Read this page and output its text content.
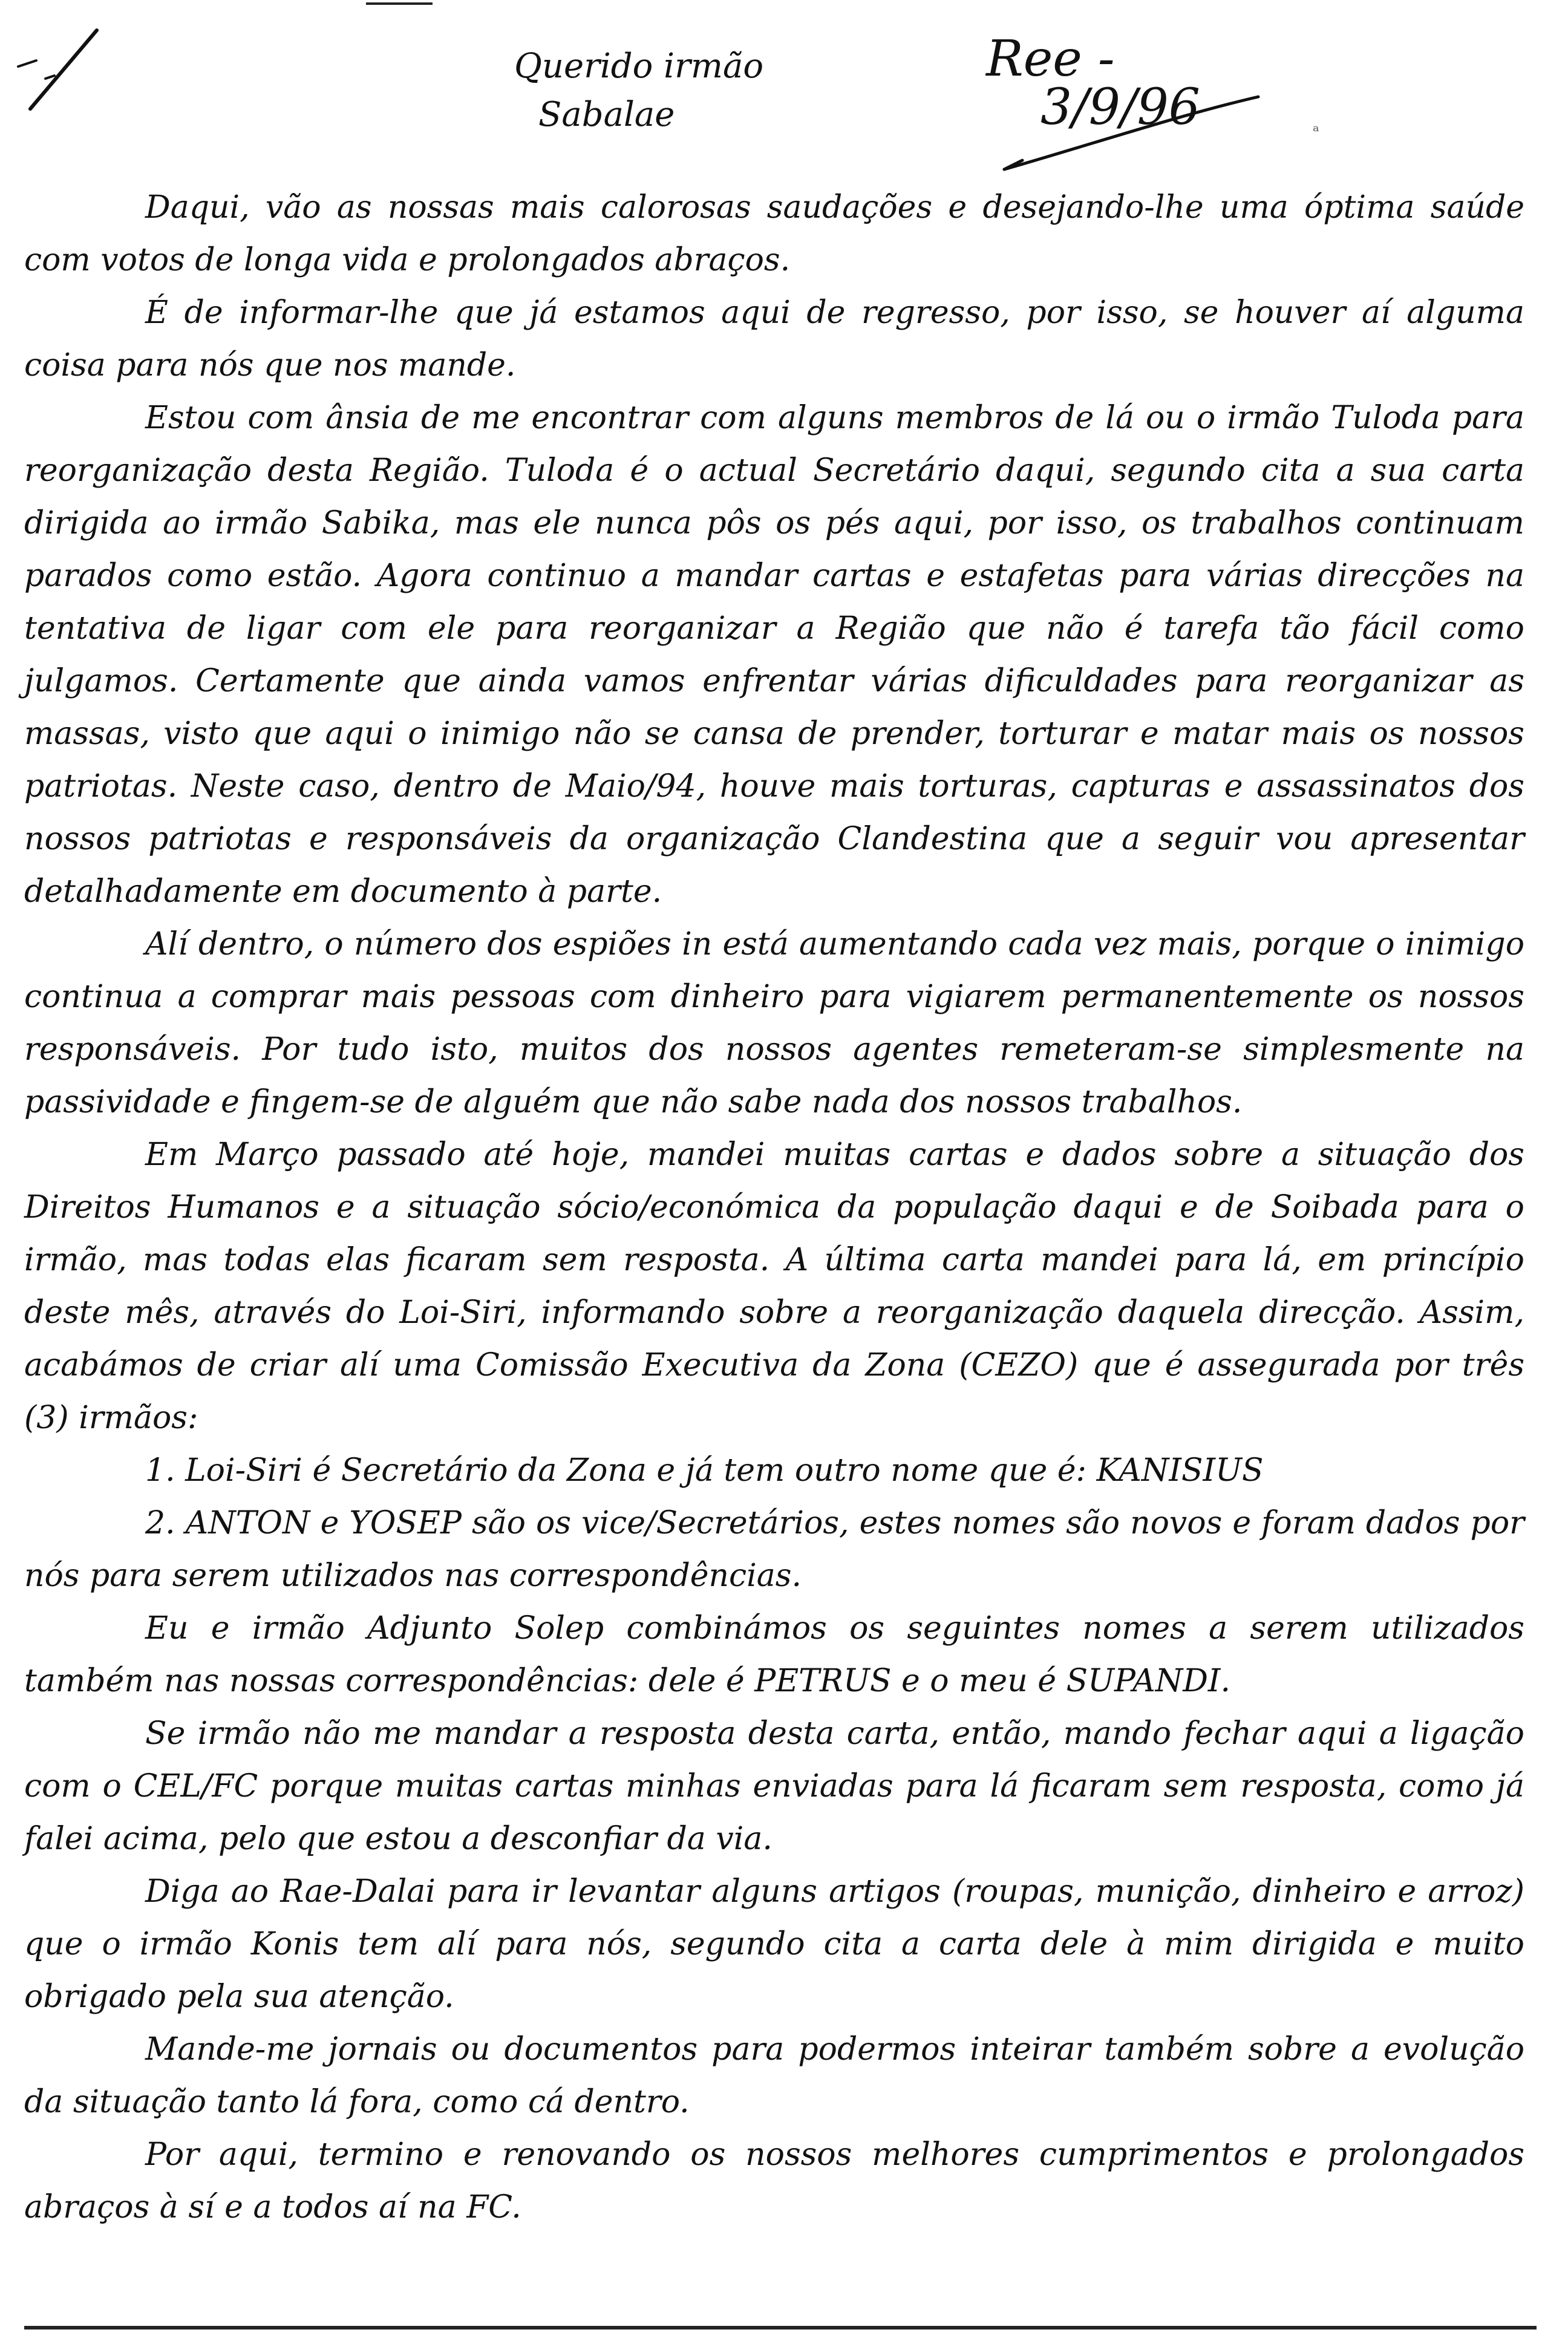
Querido irmão
Sabalae
Ree -
3/9/96	ᵃ

Daqui, vão as nossas mais calorosas saudações e desejando-lhe uma óptima saúde com votos de longa vida e prolongados abraços.

É de informar-lhe que já estamos aqui de regresso, por isso, se houver aí alguma coisa para nós que nos mande.

Estou com ânsia de me encontrar com alguns membros de lá ou o irmão Tuloda para reorganização desta Região. Tuloda é o actual Secretário daqui, segundo cita a sua carta dirigida ao irmão Sabika, mas ele nunca pôs os pés aqui, por isso, os trabalhos continuam parados como estão. Agora continuo a mandar cartas e estafetas para várias direcções na tentativa de ligar com ele para reorganizar a Região que não é tarefa tão fácil como julgamos. Certamente que ainda vamos enfrentar várias dificuldades para reorganizar as massas, visto que aqui o inimigo não se cansa de prender, torturar e matar mais os nossos patriotas. Neste caso, dentro de Maio/94, houve mais torturas, capturas e assassinatos dos nossos patriotas e responsáveis da organização Clandestina que a seguir vou apresentar detalhadamente em documento à parte.

Alí dentro, o número dos espiões in está aumentando cada vez mais, porque o inimigo continua a comprar mais pessoas com dinheiro para vigiarem permanentemente os nossos responsáveis. Por tudo isto, muitos dos nossos agentes remeteram-se simplesmente na passividade e fingem-se de alguém que não sabe nada dos nossos trabalhos.

Em Março passado até hoje, mandei muitas cartas e dados sobre a situação dos Direitos Humanos e a situação sócio/económica da população daqui e de Soibada para o irmão, mas todas elas ficaram sem resposta. A última carta mandei para lá, em princípio deste mês, através do Loi-Siri, informando sobre a reorganização daquela direcção. Assim, acabámos de criar alí uma Comissão Executiva da Zona (CEZO) que é assegurada por três (3) irmãos:

1. Loi-Siri é Secretário da Zona e já tem outro nome que é: KANISIUS

2. ANTON e YOSEP são os vice/Secretários, estes nomes são novos e foram dados por nós para serem utilizados nas correspondências.

Eu e irmão Adjunto Solep combinámos os seguintes nomes a serem utilizados também nas nossas correspondências: dele é PETRUS e o meu é SUPANDI.

Se irmão não me mandar a resposta desta carta, então, mando fechar aqui a ligação com o CEL/FC porque muitas cartas minhas enviadas para lá ficaram sem resposta, como já falei acima, pelo que estou a desconfiar da via.

Diga ao Rae-Dalai para ir levantar alguns artigos (roupas, munição, dinheiro e arroz) que o irmão Konis tem alí para nós, segundo cita a carta dele à mim dirigida e muito obrigado pela sua atenção.

Mande-me jornais ou documentos para podermos inteirar também sobre a evolução da situação tanto lá fora, como cá dentro.

Por aqui, termino e renovando os nossos melhores cumprimentos e prolongados abraços à sí e a todos aí na FC.
